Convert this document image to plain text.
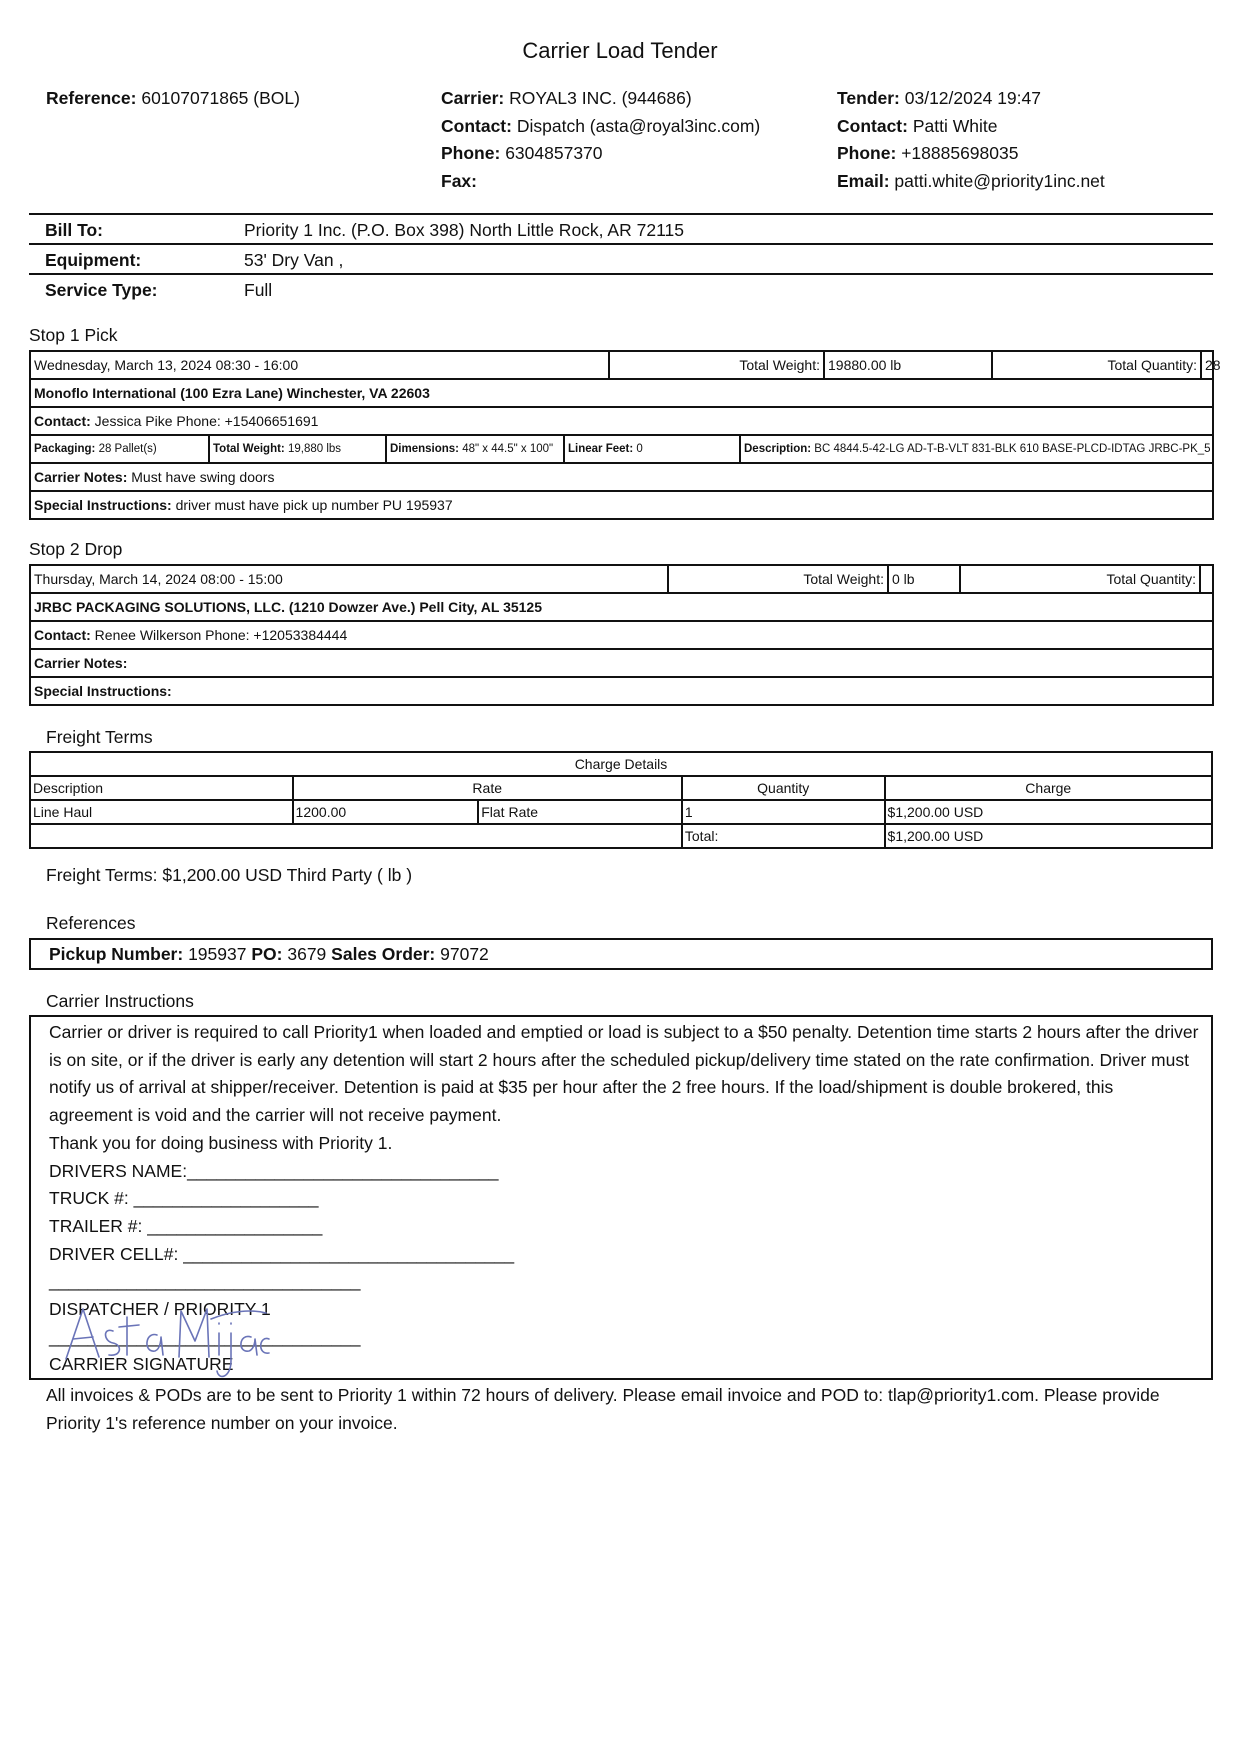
Carrier Load Tender
Reference: 60107071865 (BOL)	Carrier: ROYAL3 INC. (944686)
Contact: Dispatch (asta@royal3inc.com)
Phone: 6304857370
Fax:
Tender: 03/12/2024 19:47
Contact: Patti White
Phone: +18885698035
Email: patti.white@priority1inc.net
Bill To:	Priority 1 Inc. (P.O. Box 398) North Little Rock, AR 72115
Equipment:	53' Dry Van ,
Service Type:	Full
Stop 1 Pick
Wednesday, March 13, 2024 08:30 - 16:00	Total Weight: 19880.00 lb	Total Quantity: 28
Monoflo International (100 Ezra Lane) Winchester, VA 22603
Contact: Jessica Pike Phone: +15406651691
Packaging: 28 Pallet(s)	Total Weight: 19,880 lbs	Dimensions: 48" x 44.5" x 100"	Linear Feet: 0	Description: BC 4844.5-42-LG AD-T-B-VLT 831-BLK 610 BASE-PLCD-IDTAG JRBC-PK_5
Carrier Notes: Must have swing doors
Special Instructions: driver must have pick up number PU 195937
Stop 2 Drop
Thursday, March 14, 2024 08:00 - 15:00	Total Weight: 0 lb	Total Quantity:
JRBC PACKAGING SOLUTIONS, LLC. (1210 Dowzer Ave.) Pell City, AL 35125
Contact: Renee Wilkerson Phone: +12053384444
Carrier Notes:
Special Instructions:
Freight Terms
Charge Details				
Description	Rate		Quantity	Charge
Line Haul	1200.00	Flat Rate	1	$1,200.00 USD
			Total:	$1,200.00 USD
Freight Terms: $1,200.00 USD Third Party ( lb )
References
Pickup Number: 195937 PO: 3679 Sales Order: 97072
Carrier Instructions
Carrier or driver is required to call Priority1 when loaded and emptied or load is subject to a $50 penalty. Detention time starts 2 hours after the driver is on site, or if the driver is early any detention will start 2 hours after the scheduled pickup/delivery time stated on the rate confirmation. Driver must notify us of arrival at shipper/receiver. Detention is paid at $35 per hour after the 2 free hours. If the load/shipment is double brokered, this agreement is void and the carrier will not receive payment.
Thank you for doing business with Priority 1.
DRIVERS NAME:________________________________
TRUCK #: ___________________
TRAILER #: __________________
DRIVER CELL#: __________________________________
________________________________
DISPATCHER / PRIORITY 1
________________________________
CARRIER SIGNATURE
All invoices & PODs are to be sent to Priority 1 within 72 hours of delivery. Please email invoice and POD to: tlap@priority1.com. Please provide Priority 1's reference number on your invoice.
